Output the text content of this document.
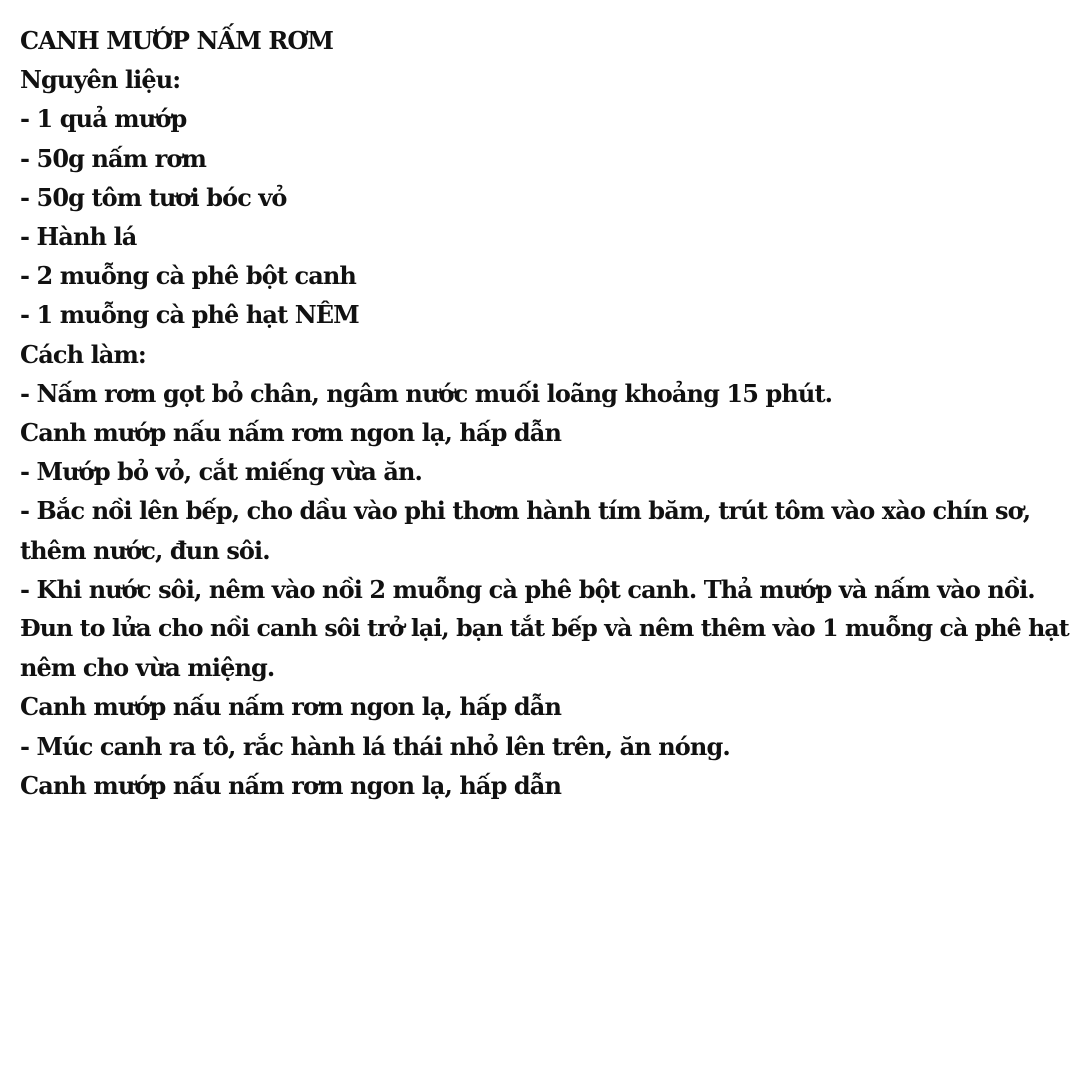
CANH MƯỚP NẤM RƠM
Nguyên liệu:
- 1 quả mướp
- 50g nấm rơm
- 50g tôm tươi bóc vỏ
- Hành lá
- 2 muỗng cà phê bột canh
- 1 muỗng cà phê hạt NÊM
Cách làm:
- Nấm rơm gọt bỏ chân, ngâm nước muối loãng khoảng 15 phút.
Canh mướp nấu nấm rơm ngon lạ, hấp dẫn
- Mướp bỏ vỏ, cắt miếng vừa ăn.
- Bắc nồi lên bếp, cho dầu vào phi thơm hành tím băm, trút tôm vào xào chín sơ,
thêm nước, đun sôi.
- Khi nước sôi, nêm vào nồi 2 muỗng cà phê bột canh. Thả mướp và nấm vào nồi.
Đun to lửa cho nồi canh sôi trở lại, bạn tắt bếp và nêm thêm vào 1 muỗng cà phê hạt
nêm cho vừa miệng.
Canh mướp nấu nấm rơm ngon lạ, hấp dẫn
- Múc canh ra tô, rắc hành lá thái nhỏ lên trên, ăn nóng.
Canh mướp nấu nấm rơm ngon lạ, hấp dẫn
